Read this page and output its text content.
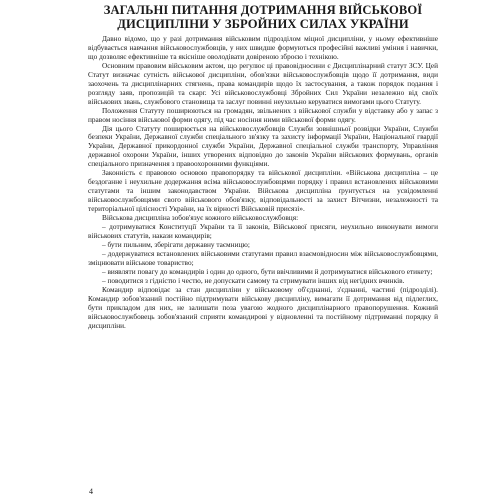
ЗАГАЛЬНІ ПИТАННЯ ДОТРИМАННЯ ВІЙСЬКОВОЇ ДИСЦИПЛІНИ У ЗБРОЙНИХ СИЛАХ УКРАЇНИ

Давно відомо, що у разі дотримання військовим підрозділом міцної дисципліни, у ньому ефективніше відбувається навчання військовослужбовців, у них швидше формуються професійні важливі уміння і навички, що дозволяє ефективніше та якісніше оволодівати довіреною зброєю і технікою.

Основним правовим військовим актом, що регулює ці правовідносини є Дисциплінарний статут ЗСУ. Цей Статут визначає сутність військової дисципліни, обов'язки військовослужбовців щодо її дотримання, види заохочень та дисциплінарних стягнень, права командирів щодо їх застосування, а також порядок подання і розгляду заяв, пропозицій та скарг. Усі військовослужбовці Збройних Сил України незалежно від своїх військових звань, службового становища та заслуг повинні неухильно керуватися вимогами цього Статуту.

Положення Статуту поширюються на громадян, звільнених з військової служби у відставку або у запас з правом носіння військової форми одягу, під час носіння ними військової форми одягу.

Дія цього Статуту поширюється на військовослужбовців Служби зовнішньої розвідки України, Служби безпеки України, Державної служби спеціального зв'язку та захисту інформації України, Національної гвардії України, Державної прикордонної служби України, Державної спеціальної служби транспорту, Управління державної охорони України, інших утворених відповідно до законів України військових формувань, органів спеціального призначення з правоохоронними функціями.

Законність є правовою основою правопорядку та військової дисципліни. «Військова дисципліна – це бездоганне і неухильне додержання всіма військовослужбовцями порядку і правил встановлених військовими статутами та іншим законодавством України. Військова дисципліна ґрунтується на усвідомленні військовослужбовцями свого військового обов'язку, відповідальності за захист Вітчизни, незалежності та територіальної цілісності України, на їх вірності Військовій присязі».

Військова дисципліна зобов'язує кожного військовослужбовця:

– дотримуватися Конституції України та її законів, Військової присяги, неухильно виконувати вимоги військових статутів, накази командирів;

– бути пильним, зберігати державну таємницю;

– додержуватися встановлених військовими статутами правил взаємовідносин між військовослужбовцями, зміцнювати військове товариство;

– виявляти повагу до командирів і один до одного, бути ввічливими й дотримуватися військового етикету;

– поводитися з гідністю і честю, не допускати самому та стримувати інших від негідних вчинків.

Командир відповідає за стан дисципліни у військовому об'єднанні, з'єднанні, частині (підрозділі). Командир зобов'язаний постійно підтримувати військову дисципліну, вимагати її дотримання від підлеглих, бути прикладом для них, не залишати поза увагою жодного дисциплінарного правопорушення. Кожний військовослужбовець зобов'язаний сприяти командирові у відновленні та постійному підтриманні порядку й дисципліни.

4
